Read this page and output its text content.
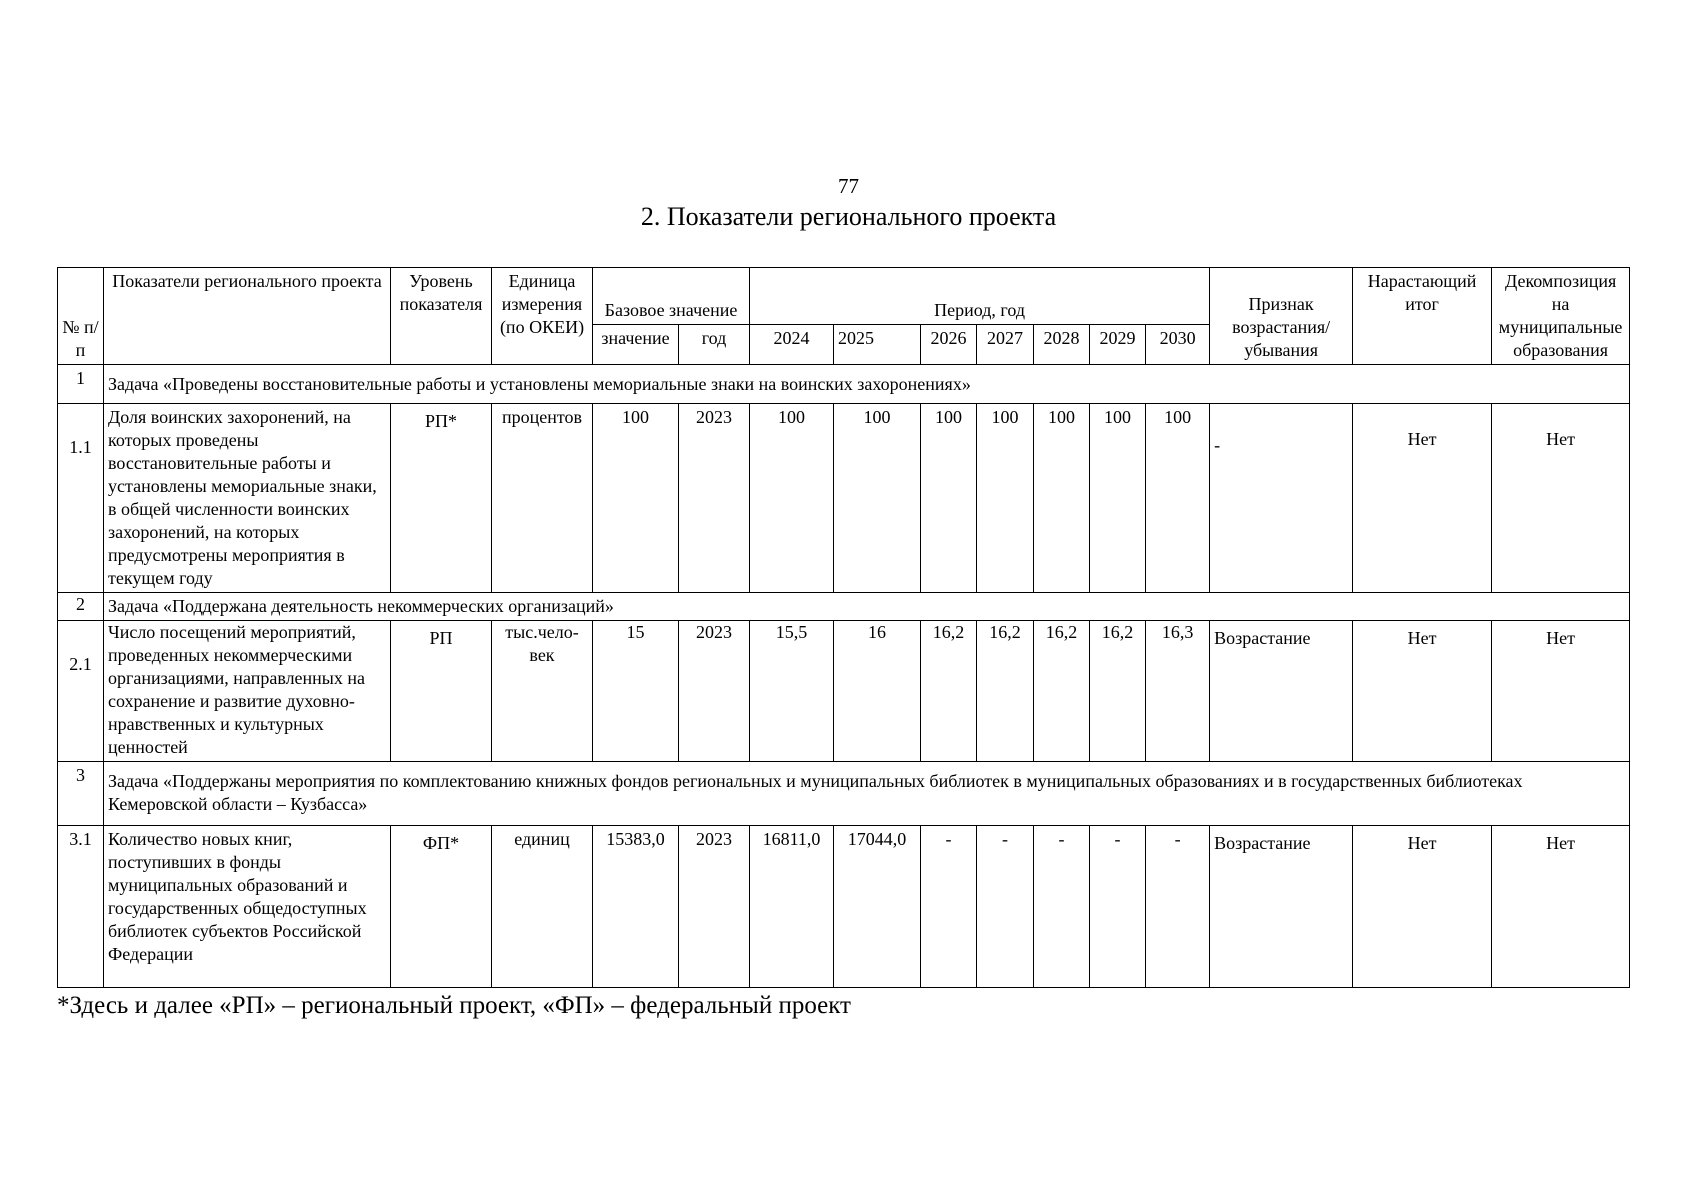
77
2. Показатели регионального проекта
№ п/п	Показатели регионального проекта	Уровень показателя	Единица измерения (по ОКЕИ)	Базовое значение		Период, год							Признак возрастания/ убывания	Нарастающий итог	Декомпозиция на муниципальные образования
				значение	год	2024	2025	2026	2027	2028	2029	2030			
1	Задача «Проведены восстановительные работы и установлены мемориальные знаки на воинских захоронениях»														
1.1	Доля воинских захоронений, на которых проведены восстановительные работы и установлены мемориальные знаки, в общей численности воинских захоронений, на которых предусмотрены мероприятия в текущем году	РП*	процентов	100	2023	100	100	100	100	100	100	100	-	Нет	Нет
2	Задача «Поддержана деятельность некоммерческих организаций»														
2.1	Число посещений мероприятий, проведенных некоммерческими организациями, направленных на сохранение и развитие духовно-нравственных и культурных ценностей	РП	тыс.чело-век	15	2023	15,5	16	16,2	16,2	16,2	16,2	16,3	Возрастание	Нет	Нет
3	Задача «Поддержаны мероприятия по комплектованию книжных фондов региональных и муниципальных библиотек в муниципальных образованиях и в государственных библиотеках Кемеровской области – Кузбасса»														
3.1	Количество новых книг, поступивших в фонды муниципальных образований и государственных общедоступных библиотек субъектов Российской Федерации	ФП*	единиц	15383,0	2023	16811,0	17044,0	-	-	-	-	-	Возрастание	Нет	Нет
*Здесь и далее «РП» – региональный проект, «ФП» – федеральный проект
